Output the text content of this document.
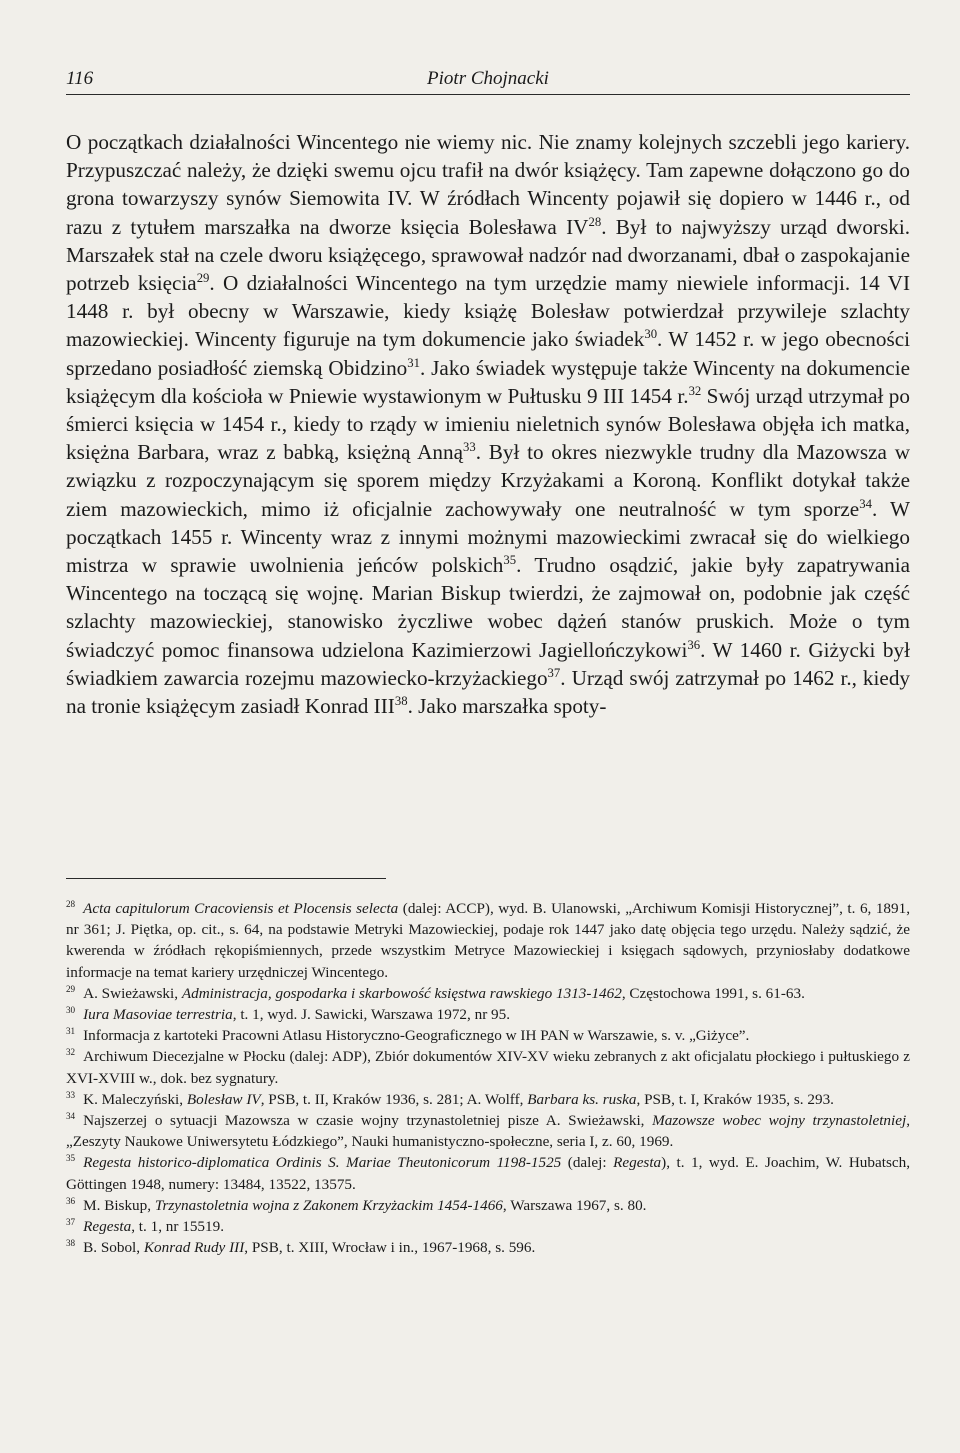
116	Piotr Chojnacki

O początkach działalności Wincentego nie wiemy nic. Nie znamy kolejnych szczebli jego kariery. Przypuszczać należy, że dzięki swemu ojcu trafił na dwór książęcy. Tam zapewne dołączono go do grona towarzyszy synów Siemowita IV. W źródłach Wincenty pojawił się dopiero w 1446 r., od razu z tytułem marszałka na dworze księcia Bolesława IV$^{28}$. Był to najwyższy urząd dworski. Marszałek stał na czele dworu książęcego, sprawował nadzór nad dworzanami, dbał o zaspokajanie potrzeb księcia$^{29}$. O działalności Wincentego na tym urzędzie mamy niewiele informacji. 14 VI 1448 r. był obecny w Warszawie, kiedy książę Bolesław potwierdzał przywileje szlachty mazowieckiej. Wincenty figuruje na tym dokumencie jako świadek$^{30}$. W 1452 r. w jego obecności sprzedano posiadłość ziemską Obidzino$^{31}$. Jako świadek występuje także Wincenty na dokumencie książęcym dla kościoła w Pniewie wystawionym w Pułtusku 9 III 1454 r.$^{32}$ Swój urząd utrzymał po śmierci księcia w 1454 r., kiedy to rządy w imieniu nieletnich synów Bolesława objęła ich matka, księżna Barbara, wraz z babką, księżną Anną$^{33}$. Był to okres niezwykle trudny dla Mazowsza w związku z rozpoczynającym się sporem między Krzyżakami a Koroną. Konflikt dotykał także ziem mazowieckich, mimo iż oficjalnie zachowywały one neutralność w tym sporze$^{34}$. W początkach 1455 r. Wincenty wraz z innymi możnymi mazowieckimi zwracał się do wielkiego mistrza w sprawie uwolnienia jeńców polskich$^{35}$. Trudno osądzić, jakie były zapatrywania Wincentego na toczącą się wojnę. Marian Biskup twierdzi, że zajmował on, podobnie jak część szlachty mazowieckiej, stanowisko życzliwe wobec dążeń stanów pruskich. Może o tym świadczyć pomoc finansowa udzielona Kazimierzowi Jagiellończykowi$^{36}$. W 1460 r. Giżycki był świadkiem zawarcia rozejmu mazowiecko-krzyżackiego$^{37}$. Urząd swój zatrzymał po 1462 r., kiedy na tronie książęcym zasiadł Konrad III$^{38}$. Jako marszałka spoty-

$^{28}$ Acta capitulorum Cracoviensis et Plocensis selecta (dalej: ACCP), wyd. B. Ulanowski, „Archiwum Komisji Historycznej”, t. 6, 1891, nr 361; J. Piętka, op. cit., s. 64, na podstawie Metryki Mazowieckiej, podaje rok 1447 jako datę objęcia tego urzędu. Należy sądzić, że kwerenda w źródłach rękopiśmiennych, przede wszystkim Metryce Mazowieckiej i księgach sądowych, przyniosłaby dodatkowe informacje na temat kariery urzędniczej Wincentego.

$^{29}$ A. Swieżawski, Administracja, gospodarka i skarbowość księstwa rawskiego 1313-1462, Częstochowa 1991, s. 61-63.

$^{30}$ Iura Masoviae terrestria, t. 1, wyd. J. Sawicki, Warszawa 1972, nr 95.

$^{31}$ Informacja z kartoteki Pracowni Atlasu Historyczno-Geograficznego w IH PAN w Warszawie, s. v. „Giżyce”.

$^{32}$ Archiwum Diecezjalne w Płocku (dalej: ADP), Zbiór dokumentów XIV-XV wieku zebranych z akt oficjalatu płockiego i pułtuskiego z XVI-XVIII w., dok. bez sygnatury.

$^{33}$ K. Maleczyński, Bolesław IV, PSB, t. II, Kraków 1936, s. 281; A. Wolff, Barbara ks. ruska, PSB, t. I, Kraków 1935, s. 293.

$^{34}$ Najszerzej o sytuacji Mazowsza w czasie wojny trzynastoletniej pisze A. Swieżawski, Mazowsze wobec wojny trzynastoletniej, „Zeszyty Naukowe Uniwersytetu Łódzkiego”, Nauki humanistyczno-społeczne, seria I, z. 60, 1969.

$^{35}$ Regesta historico-diplomatica Ordinis S. Mariae Theutonicorum 1198-1525 (dalej: Regesta), t. 1, wyd. E. Joachim, W. Hubatsch, Göttingen 1948, numery: 13484, 13522, 13575.

$^{36}$ M. Biskup, Trzynastoletnia wojna z Zakonem Krzyżackim 1454-1466, Warszawa 1967, s. 80.

$^{37}$ Regesta, t. 1, nr 15519.

$^{38}$ B. Sobol, Konrad Rudy III, PSB, t. XIII, Wrocław i in., 1967-1968, s. 596.
